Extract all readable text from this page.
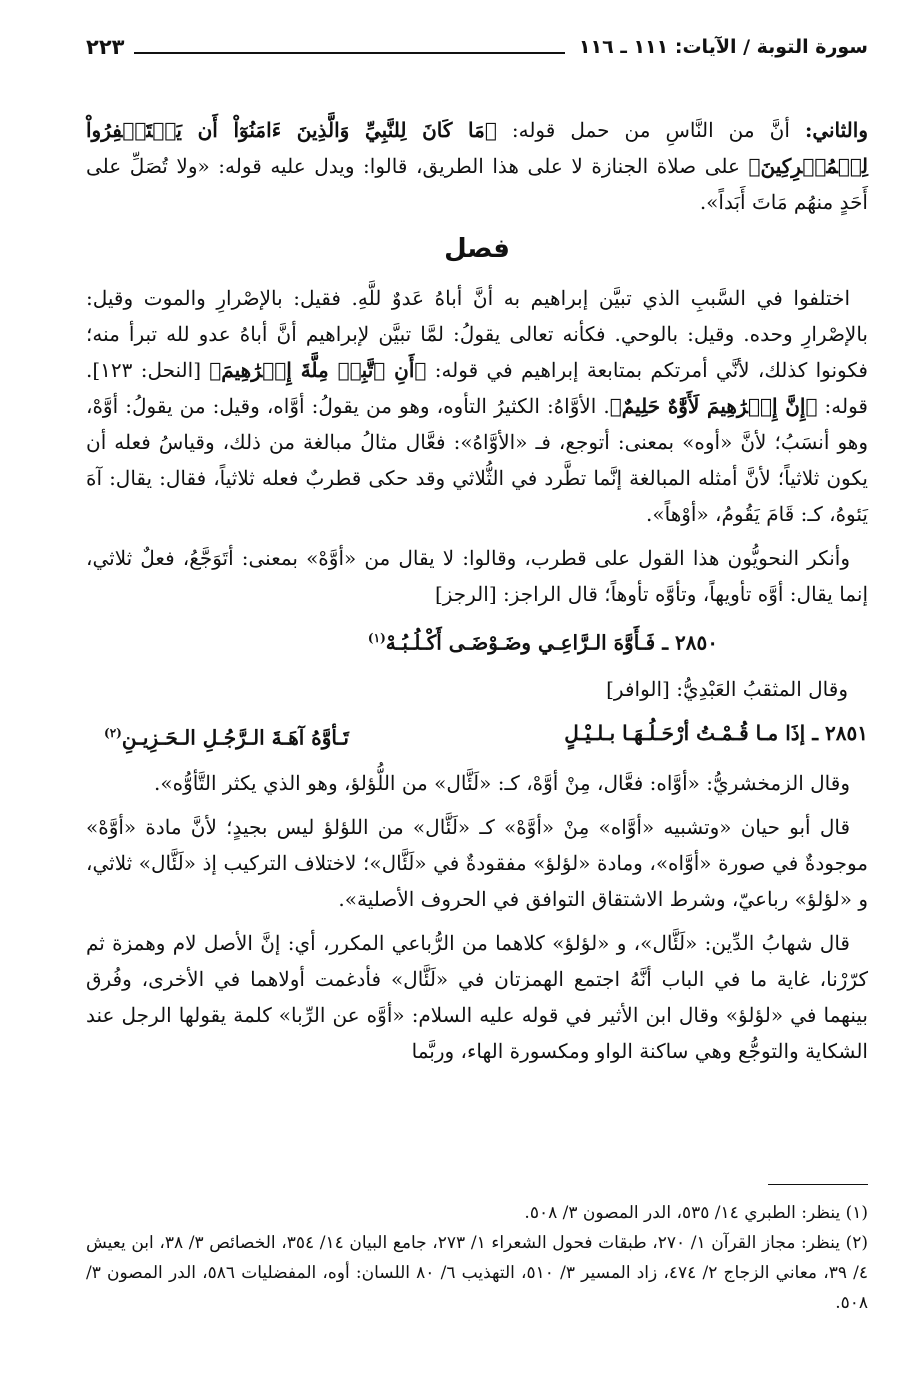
سورة التوبة / الآيات: ١١١ ـ ١١٦
٢٢٣

والثاني: أنَّ من النَّاسِ من حمل قوله: ﴿مَا كَانَ لِلنَّبِيِّ وَالَّذِينَ ءَامَنُوٓاْ أَن يَسۡتَغۡفِرُواْ لِلۡمُشۡرِكِينَ﴾ على صلاة الجنازة لا على هذا الطريق، قالوا: ويدل عليه قوله: «ولا تُصَلِّ على أَحَدٍ منهُم مَاتَ أَبَداً».

فصل

اختلفوا في السَّببِ الذي تبيَّن إبراهيم به أنَّ أباهُ عَدوٌ للَّهِ. فقيل: بالإصْرارِ والموت وقيل: بالإصْرارِ وحده. وقيل: بالوحي. فكأنه تعالى يقولُ: لمَّا تبيَّن لإبراهيم أنَّ أباهُ عدو لله تبرأ منه؛ فكونوا كذلك، لأنَّي أمرتكم بمتابعة إبراهيم في قوله: ﴿أَنِ ٱتَّبِعۡ مِلَّةَ إِبۡرَٰهِيمَ﴾ [النحل: ١٢٣]. قوله: ﴿إِنَّ إِبۡرَٰهِيمَ لَأَوَّٰهٌ حَلِيمٌ﴾. الأوَّاهُ: الكثيرُ التأوه، وهو من يقولُ: أوَّاه، وقيل: من يقولُ: أوَّهْ، وهو أنسَبُ؛ لأنَّ «أوه» بمعنى: أتوجع، فـ «الأوَّاهُ»: فعَّال مثالُ مبالغة من ذلك، وقياسُ فعله أن يكون ثلاثياً؛ لأنَّ أمثله المبالغة إنَّما تطَّرد في الثُّلاثي وقد حكى قطربٌ فعله ثلاثياً، فقال: يقال: آهَ يَئوهُ، كـ: قَامَ يَقُومُ، «أوْهاً».

وأنكر النحويُّون هذا القول على قطرب، وقالوا: لا يقال من «أوَّهْ» بمعنى: أتَوَجَّعُ، فعلٌ ثلاثي، إنما يقال: أوَّه تأويهاً، وتأوَّه تأوهاً؛ قال الراجز: [الرجز]

٢٨٥٠ ـ فَـأَوَّهَ الـرَّاعِـي وضَـوْضَـى أَكْـلُـبُـهْ$^{(١)}$
وقال المثقبُ العَبْدِيُّ: [الوافر]
٢٨٥١ ـ إذَا مـا قُـمْـتُ أرْحَـلُـهَـا بـلـيْـلٍ
تَـأوَّهُ آهَـةَ الـرَّجُـلِ الـحَـزِيـنِ$^{(٢)}$

وقال الزمخشريُّ: «أوَّاه: فعَّال، مِنْ أوَّهْ، كـ: «لَئَّال» من اللُّؤلؤ، وهو الذي يكثر التَّأوُّه».

قال أبو حيان «وتشبيه «أوَّاه» مِنْ «أوَّهْ» كـ «لَئَّال» من اللؤلؤ ليس بجيدٍ؛ لأنَّ مادة «أوَّهْ» موجودةٌ في صورة «أوَّاه»، ومادة «لؤلؤ» مفقودةٌ في «لَئَّال»؛ لاختلاف التركيب إذ «لَئَّال» ثلاثي، و «لؤلؤ» رباعيّ، وشرط الاشتقاق التوافق في الحروف الأصلية».

قال شهابُ الدِّين: «لَئَّال»، و «لؤلؤ» كلاهما من الرُّباعي المكرر، أي: إنَّ الأصل لام وهمزة ثم كرّرْنا، غاية ما في الباب أنَّهُ اجتمع الهمزتان في «لَئَّال» فأدغمت أولاهما في الأخرى، وفُرق بينهما في «لؤلؤ» وقال ابن الأثير في قوله عليه السلام: «أوَّه عن الرِّبا» كلمة يقولها الرجل عند الشكاية والتوجُّع وهي ساكنة الواو ومكسورة الهاء، وربَّما

(١) ينظر: الطبري ١٤/ ٥٣٥، الدر المصون ٣/ ٥٠٨.

(٢) ينظر: مجاز القرآن ١/ ٢٧٠، طبقات فحول الشعراء ١/ ٢٧٣، جامع البيان ١٤/ ٣٥٤، الخصائص ٣/ ٣٨، ابن يعيش ٤/ ٣٩، معاني الزجاج ٢/ ٤٧٤، زاد المسير ٣/ ٥١٠، التهذيب ٦/ ٨٠ اللسان: أوه، المفضليات ٥٨٦، الدر المصون ٣/ ٥٠٨.
